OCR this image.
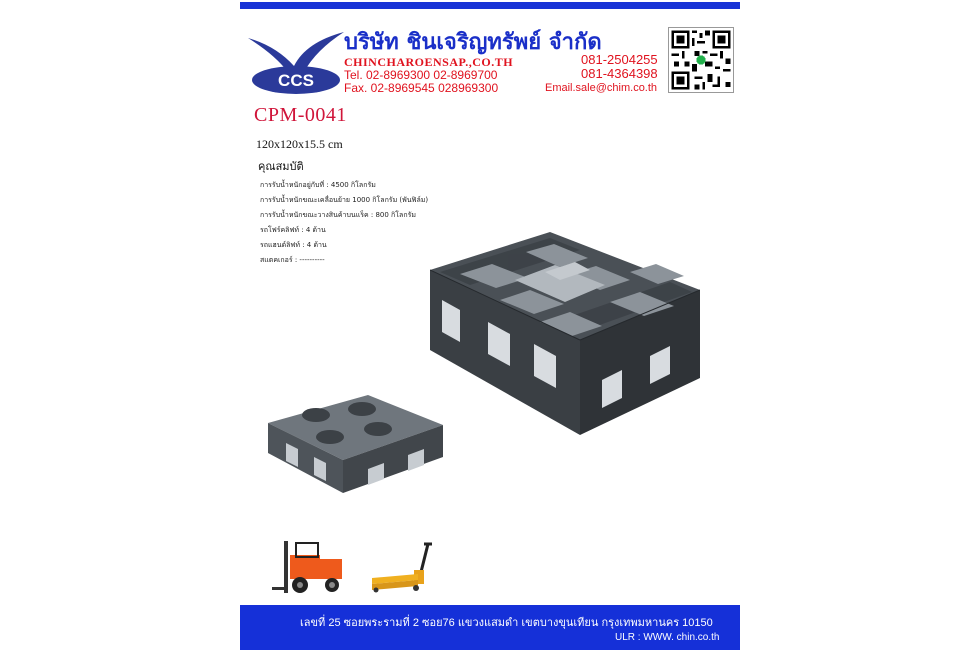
CCS
บริษัท ชินเจริญทรัพย์ จำกัด
CHINCHAROENSAP.,CO.TH
Tel. 02-8969300 02-8969700
Fax. 02-8969545 028969300
081-2504255
081-4364398
Email.sale@chim.co.th
CPM-0041
120x120x15.5 cm
คุณสมบัติ
การรับน้ำหนักอยู่กับที่ : 4500 กิโลกรัม
การรับน้ำหนักขณะเคลื่อนย้าย 1000 กิโลกรัม (พันฟิล์ม)
การรับน้ำหนักขณะวางสินค้าบนแร็ค : 800 กิโลกรัม
รถโฟร์คลิฟท์ : 4 ด้าน
รถแฮนด์ลิฟท์ : 4 ด้าน
สแตคเกอร์ : ----------
เลขที่ 25 ซอยพระรามที่ 2 ซอย76 แขวงแสมดำ เขตบางขุนเทียน กรุงเทพมหานคร 10150
ULR : WWW. chin.co.th
